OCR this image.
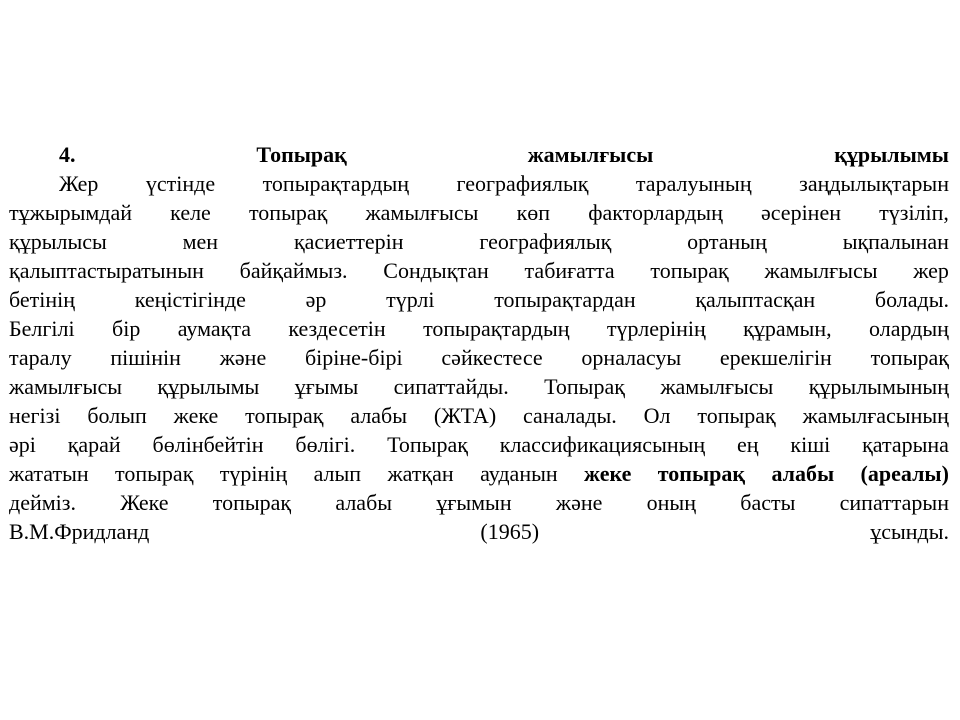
4.	Топырақ	жамылғысы	құрылымы
Жер үстінде топырақтардың географиялық таралуының заңдылықтарын
тұжырымдай келе топырақ жамылғысы көп факторлардың әсерінен түзіліп,
құрылысы	мен	қасиеттерін	географиялық	ортаның	ықпалынан
қалыптастыратынын байқаймыз. Сондықтан табиғатта топырақ жамылғысы жер
бетінің	кеңістігінде	әр	түрлі	топырақтардан	қалыптасқан	болады.
Белгілі бір аумақта кездесетін топырақтардың түрлерінің құрамын, олардың
таралу пішінін және біріне-бірі сәйкестесе орналасуы ерекшелігін топырақ
жамылғысы құрылымы ұғымы сипаттайды. Топырақ жамылғысы құрылымының
негізі болып жеке топырақ алабы (ЖТА) саналады. Ол топырақ жамылғасының
әрі қарай бөлінбейтін бөлігі. Топырақ классификациясының ең кіші қатарына
жататын топырақ түрінің алып жатқан ауданын жеке топырақ алабы (ареалы)
дейміз. Жеке топырақ алабы ұғымын және оның басты сипаттарын
В.М.Фридланд	(1965)	ұсынды.
